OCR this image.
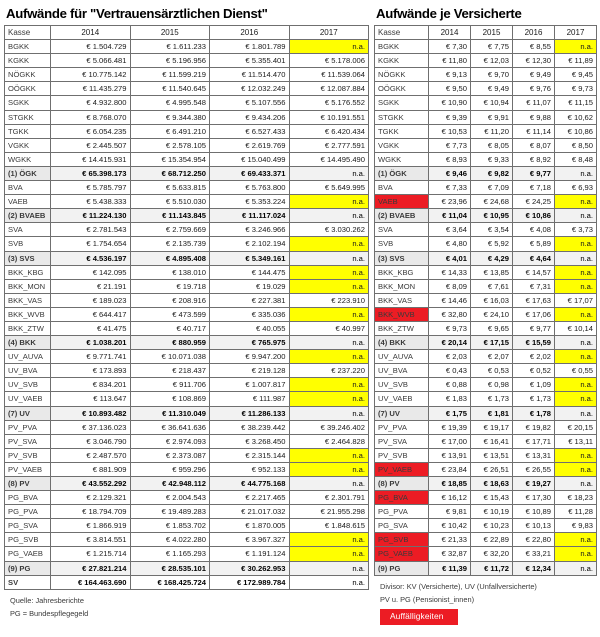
Aufwände für "Vertrauensärztlichen Dienst"
Kasse	2014	2015	2016	2017
BGKK	€ 1.504.729	€ 1.611.233	€ 1.801.789	n.a.
KGKK	€ 5.066.481	€ 5.196.956	€ 5.355.401	€ 5.178.006
NÖGKK	€ 10.775.142	€ 11.599.219	€ 11.514.470	€ 11.539.064
OÖGKK	€ 11.435.279	€ 11.540.645	€ 12.032.249	€ 12.087.884
SGKK	€ 4.932.800	€ 4.995.548	€ 5.107.556	€ 5.176.552
STGKK	€ 8.768.070	€ 9.344.380	€ 9.434.206	€ 10.191.551
TGKK	€ 6.054.235	€ 6.491.210	€ 6.527.433	€ 6.420.434
VGKK	€ 2.445.507	€ 2.578.105	€ 2.619.769	€ 2.777.591
WGKK	€ 14.415.931	€ 15.354.954	€ 15.040.499	€ 14.495.490
(1) ÖGK	€ 65.398.173	€ 68.712.250	€ 69.433.371	n.a.
BVA	€ 5.785.797	€ 5.633.815	€ 5.763.800	€ 5.649.995
VAEB	€ 5.438.333	€ 5.510.030	€ 5.353.224	n.a.
(2) BVAEB	€ 11.224.130	€ 11.143.845	€ 11.117.024	n.a.
SVA	€ 2.781.543	€ 2.759.669	€ 3.246.966	€ 3.030.262
SVB	€ 1.754.654	€ 2.135.739	€ 2.102.194	n.a.
(3) SVS	€ 4.536.197	€ 4.895.408	€ 5.349.161	n.a.
BKK_KBG	€ 142.095	€ 138.010	€ 144.475	n.a.
BKK_MON	€ 21.191	€ 19.718	€ 19.029	n.a.
BKK_VAS	€ 189.023	€ 208.916	€ 227.381	€ 223.910
BKK_WVB	€ 644.417	€ 473.599	€ 335.036	n.a.
BKK_ZTW	€ 41.475	€ 40.717	€ 40.055	€ 40.997
(4) BKK	€ 1.038.201	€ 880.959	€ 765.975	n.a.
UV_AUVA	€ 9.771.741	€ 10.071.038	€ 9.947.200	n.a.
UV_BVA	€ 173.893	€ 218.437	€ 219.128	€ 237.220
UV_SVB	€ 834.201	€ 911.706	€ 1.007.817	n.a.
UV_VAEB	€ 113.647	€ 108.869	€ 111.987	n.a.
(7) UV	€ 10.893.482	€ 11.310.049	€ 11.286.133	n.a.
PV_PVA	€ 37.136.023	€ 36.641.636	€ 38.239.442	€ 39.246.402
PV_SVA	€ 3.046.790	€ 2.974.093	€ 3.268.450	€ 2.464.828
PV_SVB	€ 2.487.570	€ 2.373.087	€ 2.315.144	n.a.
PV_VAEB	€ 881.909	€ 959.296	€ 952.133	n.a.
(8) PV	€ 43.552.292	€ 42.948.112	€ 44.775.168	n.a.
PG_BVA	€ 2.129.321	€ 2.004.543	€ 2.217.465	€ 2.301.791
PG_PVA	€ 18.794.709	€ 19.489.283	€ 21.017.032	€ 21.955.298
PG_SVA	€ 1.866.919	€ 1.853.702	€ 1.870.005	€ 1.848.615
PG_SVB	€ 3.814.551	€ 4.022.280	€ 3.967.327	n.a.
PG_VAEB	€ 1.215.714	€ 1.165.293	€ 1.191.124	n.a.
(9) PG	€ 27.821.214	€ 28.535.101	€ 30.262.953	n.a.
SV	€ 164.463.690	€ 168.425.724	€ 172.989.784	n.a.
Quelle: Jahresberichte
PG = Bundespflegegeld
Aufwände je Versicherte
Kasse	2014	2015	2016	2017
BGKK	€ 7,30	€ 7,75	€ 8,55	n.a.
KGKK	€ 11,80	€ 12,03	€ 12,30	€ 11,89
NÖGKK	€ 9,13	€ 9,70	€ 9,49	€ 9,45
OÖGKK	€ 9,50	€ 9,49	€ 9,76	€ 9,73
SGKK	€ 10,90	€ 10,94	€ 11,07	€ 11,15
STGKK	€ 9,39	€ 9,91	€ 9,88	€ 10,62
TGKK	€ 10,53	€ 11,20	€ 11,14	€ 10,86
VGKK	€ 7,73	€ 8,05	€ 8,07	€ 8,50
WGKK	€ 8,93	€ 9,33	€ 8,92	€ 8,48
(1) ÖGK	€ 9,46	€ 9,82	€ 9,77	n.a.
BVA	€ 7,33	€ 7,09	€ 7,18	€ 6,93
VAEB	€ 23,96	€ 24,68	€ 24,25	n.a.
(2) BVAEB	€ 11,04	€ 10,95	€ 10,86	n.a.
SVA	€ 3,64	€ 3,54	€ 4,08	€ 3,73
SVB	€ 4,80	€ 5,92	€ 5,89	n.a.
(3) SVS	€ 4,01	€ 4,29	€ 4,64	n.a.
BKK_KBG	€ 14,33	€ 13,85	€ 14,57	n.a.
BKK_MON	€ 8,09	€ 7,61	€ 7,31	n.a.
BKK_VAS	€ 14,46	€ 16,03	€ 17,63	€ 17,07
BKK_WVB	€ 32,80	€ 24,10	€ 17,06	n.a.
BKK_ZTW	€ 9,73	€ 9,65	€ 9,77	€ 10,14
(4) BKK	€ 20,14	€ 17,15	€ 15,59	n.a.
UV_AUVA	€ 2,03	€ 2,07	€ 2,02	n.a.
UV_BVA	€ 0,43	€ 0,53	€ 0,52	€ 0,55
UV_SVB	€ 0,88	€ 0,98	€ 1,09	n.a.
UV_VAEB	€ 1,83	€ 1,73	€ 1,73	n.a.
(7) UV	€ 1,75	€ 1,81	€ 1,78	n.a.
PV_PVA	€ 19,39	€ 19,17	€ 19,82	€ 20,15
PV_SVA	€ 17,00	€ 16,41	€ 17,71	€ 13,11
PV_SVB	€ 13,91	€ 13,51	€ 13,31	n.a.
PV_VAEB	€ 23,84	€ 26,51	€ 26,55	n.a.
(8) PV	€ 18,85	€ 18,63	€ 19,27	n.a.
PG_BVA	€ 16,12	€ 15,43	€ 17,30	€ 18,23
PG_PVA	€ 9,81	€ 10,19	€ 10,89	€ 11,28
PG_SVA	€ 10,42	€ 10,23	€ 10,13	€ 9,83
PG_SVB	€ 21,33	€ 22,89	€ 22,80	n.a.
PG_VAEB	€ 32,87	€ 32,20	€ 33,21	n.a.
(9) PG	€ 11,39	€ 11,72	€ 12,34	n.a.
Divisor: KV (Versicherte), UV (Unfallversicherte)
PV u. PG (Pensionist_innen)
Auffälligkeiten
